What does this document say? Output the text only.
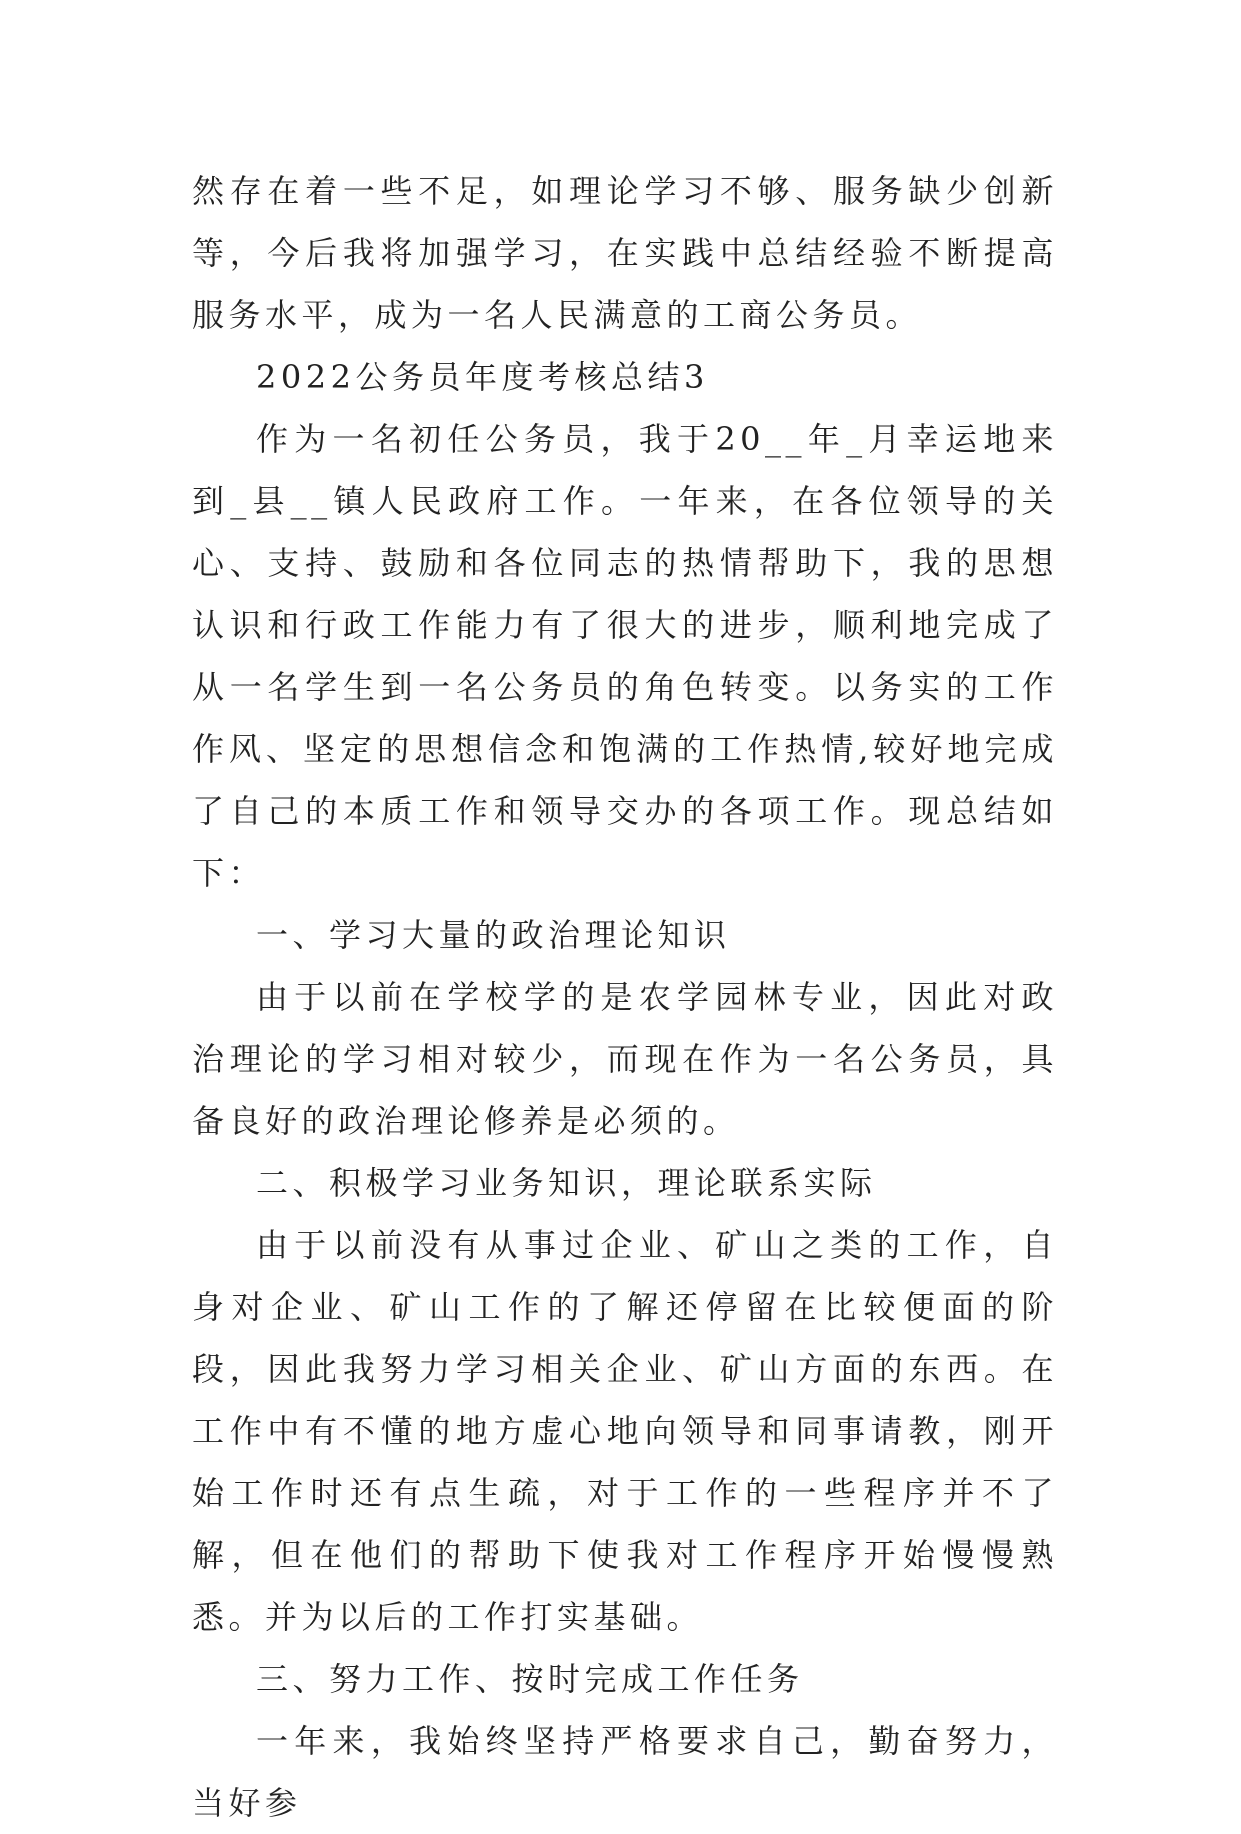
然存在着一些不足，如理论学习不够、服务缺少创新等，今后我将加强学习，在实践中总结经验不断提高服务水平，成为一名人民满意的工商公务员。

2022公务员年度考核总结3

作为一名初任公务员，我于20__年_月幸运地来到_县__镇人民政府工作。一年来，在各位领导的关心、支持、鼓励和各位同志的热情帮助下，我的思想认识和行政工作能力有了很大的进步，顺利地完成了从一名学生到一名公务员的角色转变。以务实的工作作风、坚定的思想信念和饱满的工作热情,较好地完成了自己的本质工作和领导交办的各项工作。现总结如下：

一、学习大量的政治理论知识

由于以前在学校学的是农学园林专业，因此对政治理论的学习相对较少，而现在作为一名公务员，具备良好的政治理论修养是必须的。

二、积极学习业务知识，理论联系实际

由于以前没有从事过企业、矿山之类的工作，自身对企业、矿山工作的了解还停留在比较便面的阶段，因此我努力学习相关企业、矿山方面的东西。在工作中有不懂的地方虚心地向领导和同事请教，刚开始工作时还有点生疏，对于工作的一些程序并不了解，但在他们的帮助下使我对工作程序开始慢慢熟悉。并为以后的工作打实基础。

三、努力工作、按时完成工作任务

一年来，我始终坚持严格要求自己，勤奋努力，当好参
